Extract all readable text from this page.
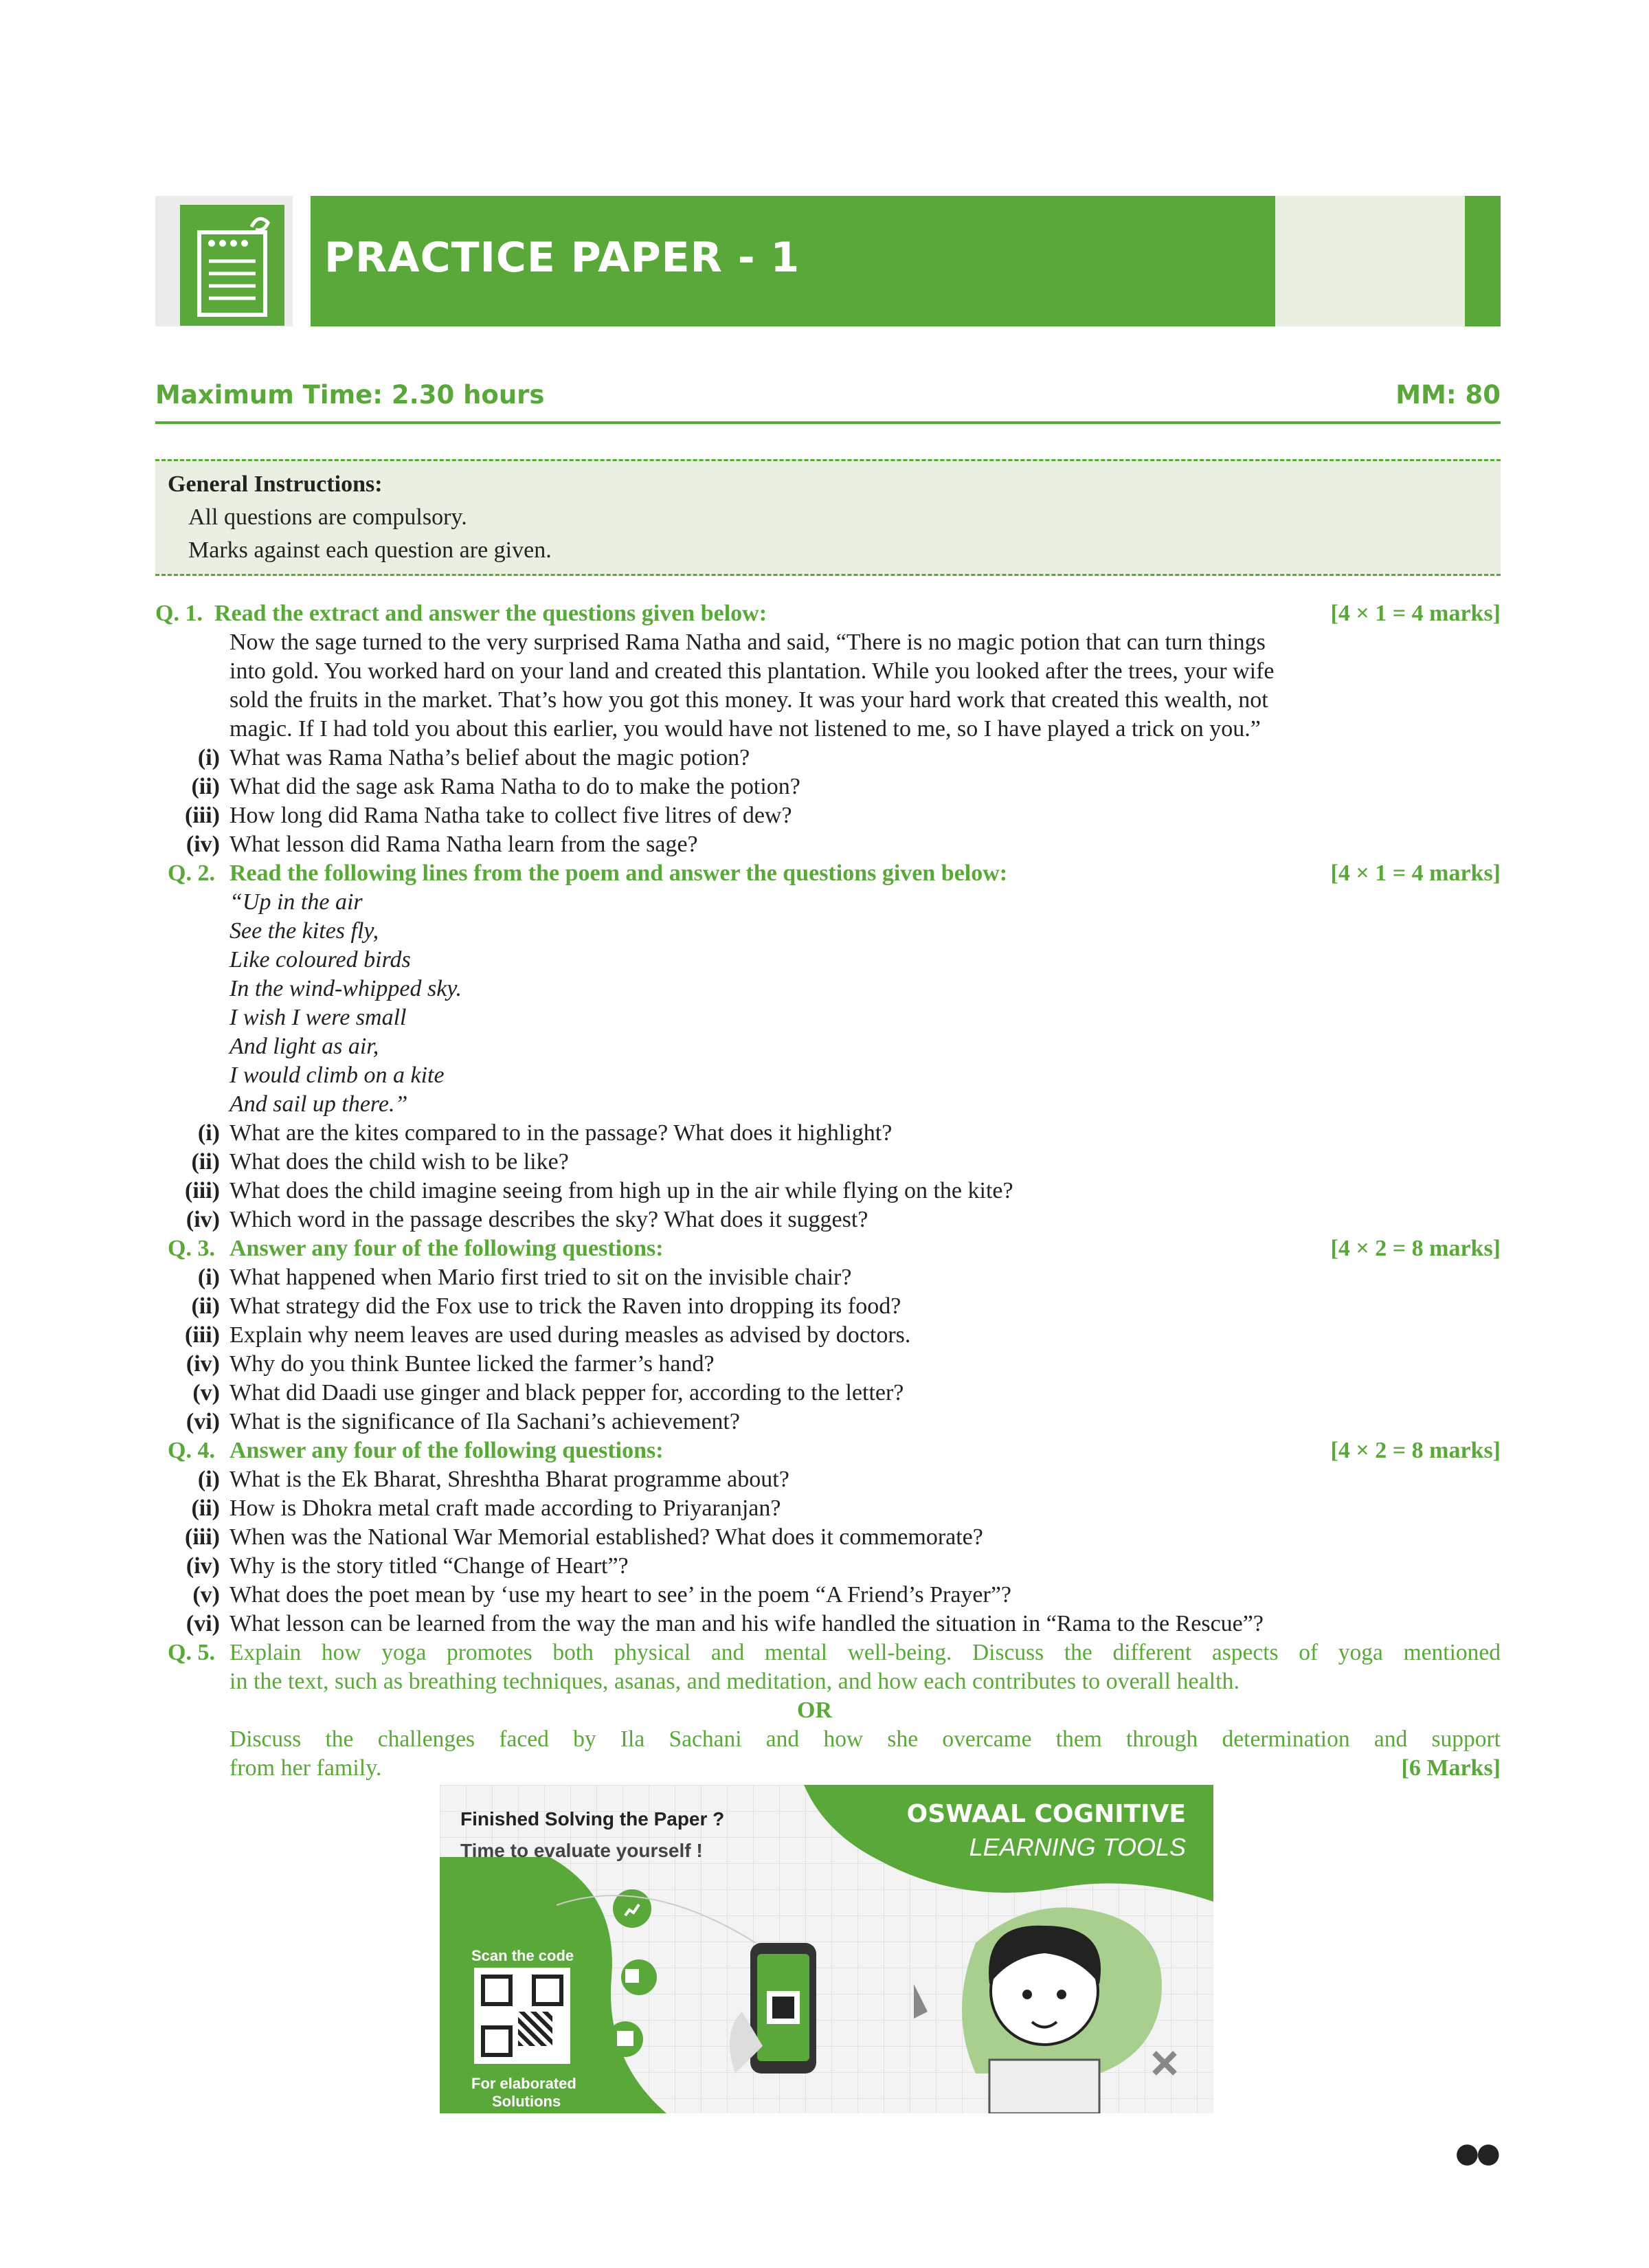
PRACTICE PAPER - 1
Maximum Time: 2.30 hours	MM: 80
General Instructions:
All questions are compulsory.
Marks against each question are given.
Q. 1. Read the extract and answer the questions given below:	[4 × 1 = 4 marks]
Now the sage turned to the very surprised Rama Natha and said, “There is no magic potion that can turn things
into gold. You worked hard on your land and created this plantation. While you looked after the trees, your wife
sold the fruits in the market. That’s how you got this money. It was your hard work that created this wealth, not
magic. If I had told you about this earlier, you would have not listened to me, so I have played a trick on you.”
(i) What was Rama Natha’s belief about the magic potion?
(ii) What did the sage ask Rama Natha to do to make the potion?
(iii) How long did Rama Natha take to collect five litres of dew?
(iv) What lesson did Rama Natha learn from the sage?
Q. 2. Read the following lines from the poem and answer the questions given below:	[4 × 1 = 4 marks]
“Up in the air
See the kites fly,
Like coloured birds
In the wind-whipped sky.
I wish I were small
And light as air,
I would climb on a kite
And sail up there.”
(i) What are the kites compared to in the passage? What does it highlight?
(ii) What does the child wish to be like?
(iii) What does the child imagine seeing from high up in the air while flying on the kite?
(iv) Which word in the passage describes the sky? What does it suggest?
Q. 3. Answer any four of the following questions:	[4 × 2 = 8 marks]
(i) What happened when Mario first tried to sit on the invisible chair?
(ii) What strategy did the Fox use to trick the Raven into dropping its food?
(iii) Explain why neem leaves are used during measles as advised by doctors.
(iv) Why do you think Buntee licked the farmer’s hand?
(v) What did Daadi use ginger and black pepper for, according to the letter?
(vi) What is the significance of Ila Sachani’s achievement?
Q. 4. Answer any four of the following questions:	[4 × 2 = 8 marks]
(i) What is the Ek Bharat, Shreshtha Bharat programme about?
(ii) How is Dhokra metal craft made according to Priyaranjan?
(iii) When was the National War Memorial established? What does it commemorate?
(iv) Why is the story titled “Change of Heart”?
(v) What does the poet mean by ‘use my heart to see’ in the poem “A Friend’s Prayer”?
(vi) What lesson can be learned from the way the man and his wife handled the situation in “Rama to the Rescue”?
Q. 5. Explain how yoga promotes both physical and mental well-being. Discuss the different aspects of yoga mentioned
in the text, such as breathing techniques, asanas, and meditation, and how each contributes to overall health.
OR
Discuss the challenges faced by Ila Sachani and how she overcame them through determination and support
from her family.	[6 Marks]
Finished Solving the Paper ?
Time to evaluate yourself !
OSWAAL COGNITIVE
LEARNING TOOLS
Scan the code
For elaborated
Solutions
●●
